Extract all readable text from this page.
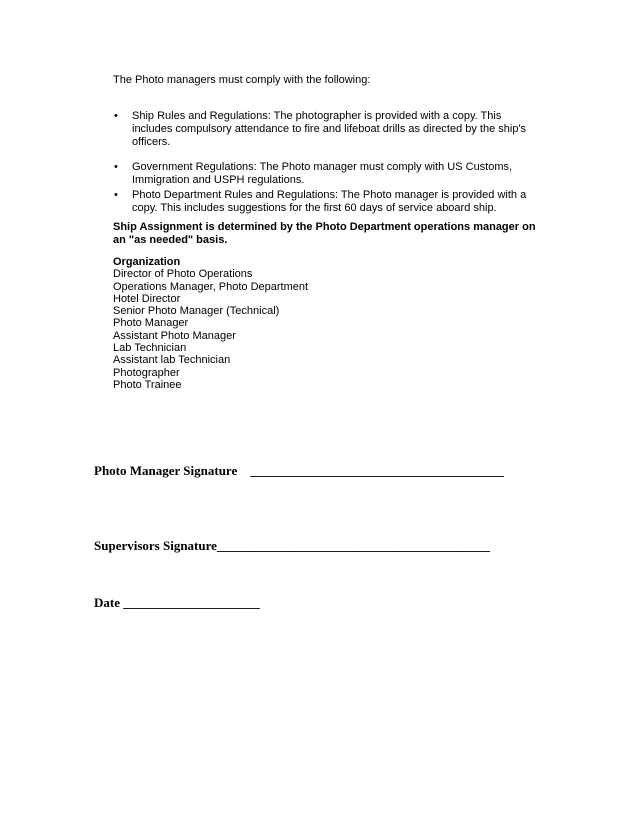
The Photo managers must comply with the following:
• Ship Rules and Regulations: The photographer is provided with a copy. This includes compulsory attendance to fire and lifeboat drills as directed by the ship's officers.
• Government Regulations: The Photo manager must comply with US Customs, Immigration and USPH regulations.
• Photo Department Rules and Regulations: The Photo manager is provided with a copy. This includes suggestions for the first 60 days of service aboard ship.
Ship Assignment is determined by the Photo Department operations manager on an "as needed" basis.
Organization
Director of Photo Operations
Operations Manager, Photo Department
Hotel Director
Senior Photo Manager (Technical)
Photo Manager
Assistant Photo Manager
Lab Technician
Assistant lab Technician
Photographer
Photo Trainee
Photo Manager Signature    _______________________________________
Supervisors Signature__________________________________________
Date _____________________
